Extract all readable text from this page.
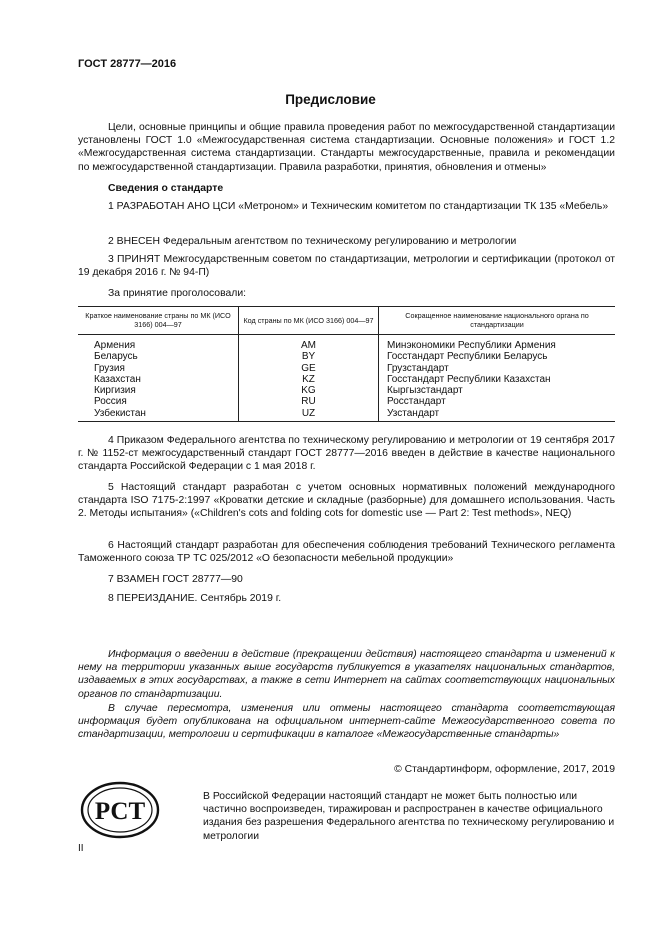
ГОСТ 28777—2016
Предисловие
Цели, основные принципы и общие правила проведения работ по межгосударственной стандартизации установлены ГОСТ 1.0 «Межгосударственная система стандартизации. Основные положения» и ГОСТ 1.2 «Межгосударственная система стандартизации. Стандарты межгосударственные, правила и рекомендации по межгосударственной стандартизации. Правила разработки, принятия, обновления и отмены»
Сведения о стандарте
1 РАЗРАБОТАН АНО ЦСИ «Метроном» и Техническим комитетом по стандартизации ТК 135 «Мебель»
2 ВНЕСЕН Федеральным агентством по техническому регулированию и метрологии
3 ПРИНЯТ Межгосударственным советом по стандартизации, метрологии и сертификации (протокол от 19 декабря 2016 г. № 94-П)
За принятие проголосовали:
Краткое наименование страны по МК (ИСО 3166) 004—97	Код страны по МК (ИСО 3166) 004—97	Сокращенное наименование национального органа по стандартизации
Армения	AM	Минэкономики Республики Армения
Беларусь	BY	Госстандарт Республики Беларусь
Грузия	GE	Грузстандарт
Казахстан	KZ	Госстандарт Республики Казахстан
Киргизия	KG	Кыргызстандарт
Россия	RU	Росстандарт
Узбекистан	UZ	Узстандарт
4 Приказом Федерального агентства по техническому регулированию и метрологии от 19 сентября 2017 г. № 1152-ст межгосударственный стандарт ГОСТ 28777—2016 введен в действие в качестве национального стандарта Российской Федерации с 1 мая 2018 г.
5 Настоящий стандарт разработан с учетом основных нормативных положений международного стандарта ISO 7175-2:1997 «Кроватки детские и складные (разборные) для домашнего использования. Часть 2. Методы испытания» («Children's cots and folding cots for domestic use — Part 2: Test methods», NEQ)
6 Настоящий стандарт разработан для обеспечения соблюдения требований Технического регламента Таможенного союза ТР ТС 025/2012 «О безопасности мебельной продукции»
7 ВЗАМЕН ГОСТ 28777—90
8 ПЕРЕИЗДАНИЕ. Сентябрь 2019 г.
Информация о введении в действие (прекращении действия) настоящего стандарта и изменений к нему на территории указанных выше государств публикуется в указателях национальных стандартов, издаваемых в этих государствах, а также в сети Интернет на сайтах соответствующих национальных органов по стандартизации.
В случае пересмотра, изменения или отмены настоящего стандарта соответствующая информация будет опубликована на официальном интернет-сайте Межгосударственного совета по стандартизации, метрологии и сертификации в каталоге «Межгосударственные стандарты»
© Стандартинформ, оформление, 2017, 2019
РСТ
В Российской Федерации настоящий стандарт не может быть полностью или частично воспроизведен, тиражирован и распространен в качестве официального издания без разрешения Федерального агентства по техническому регулированию и метрологии
II
